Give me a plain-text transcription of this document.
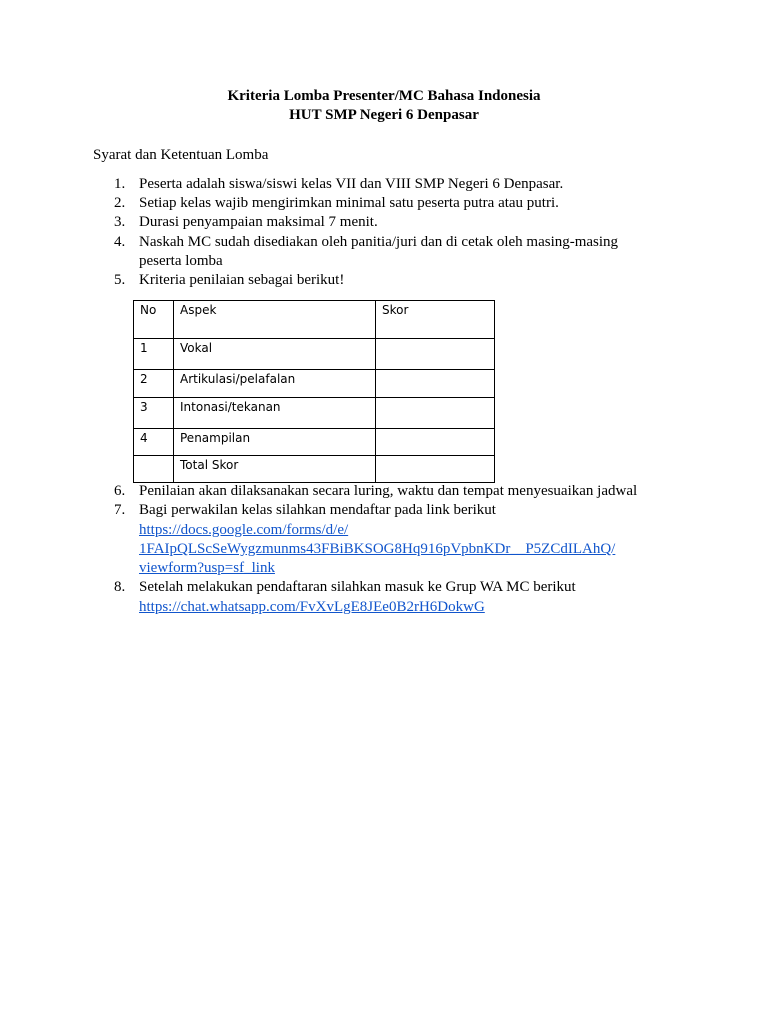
Kriteria Lomba Presenter/MC Bahasa Indonesia
HUT SMP Negeri 6 Denpasar
Syarat dan Ketentuan Lomba
1. Peserta adalah siswa/siswi kelas VII dan VIII SMP Negeri 6 Denpasar.
2. Setiap kelas wajib mengirimkan minimal satu peserta putra atau putri.
3. Durasi penyampaian maksimal 7 menit.
4. Naskah MC sudah disediakan oleh panitia/juri dan di cetak oleh masing-masing
peserta lomba
5. Kriteria penilaian sebagai berikut!
No	Aspek	Skor
1	Vokal	
2	Artikulasi/pelafalan	
3	Intonasi/tekanan	
4	Penampilan	
	Total Skor	
6. Penilaian akan dilaksanakan secara luring, waktu dan tempat menyesuaikan jadwal
7. Bagi perwakilan kelas silahkan mendaftar pada link berikut
https://docs.google.com/forms/d/e/
1FAIpQLScSeWygzmunms43FBiBKSOG8Hq916pVpbnKDr__P5ZCdILAhQ/
viewform?usp=sf_link
8. Setelah melakukan pendaftaran silahkan masuk ke Grup WA MC berikut
https://chat.whatsapp.com/FvXvLgE8JEe0B2rH6DokwG
